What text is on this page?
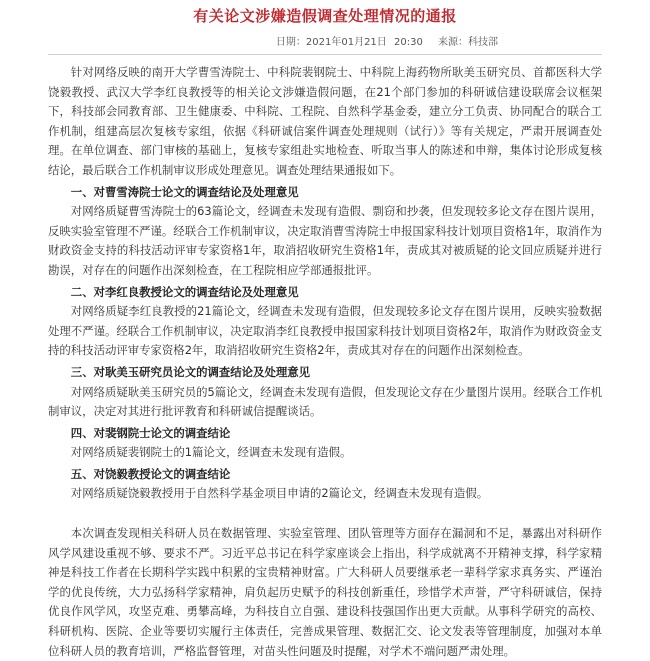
有关论文涉嫌造假调查处理情况的通报
日期：2021年01月21日 20:30 来源：科技部

针对网络反映的南开大学曹雪涛院士、中科院裴钢院士、中科院上海药物所耿美玉研究员、首都医科大学饶毅教授、武汉大学李红良教授等的相关论文涉嫌造假问题，在21个部门参加的科研诚信建设联席会议框架下，科技部会同教育部、卫生健康委、中科院、工程院、自然科学基金委，建立分工负责、协同配合的联合工作机制，组建高层次复核专家组，依据《科研诚信案件调查处理规则（试行）》等有关规定，严肃开展调查处理。在单位调查、部门审核的基础上，复核专家组赴实地检查、听取当事人的陈述和申辩，集体讨论形成复核结论，最后联合工作机制审议形成处理意见。调查处理结果通报如下。

一、对曹雪涛院士论文的调查结论及处理意见

对网络质疑曹雪涛院士的63篇论文，经调查未发现有造假、剽窃和抄袭，但发现较多论文存在图片误用，反映实验室管理不严谨。经联合工作机制审议，决定取消曹雪涛院士申报国家科技计划项目资格1年，取消作为财政资金支持的科技活动评审专家资格1年，取消招收研究生资格1年，责成其对被质疑的论文回应质疑并进行勘误，对存在的问题作出深刻检查，在工程院相应学部通报批评。

二、对李红良教授论文的调查结论及处理意见

对网络质疑李红良教授的21篇论文，经调查未发现有造假，但发现较多论文存在图片误用，反映实验数据处理不严谨。经联合工作机制审议，决定取消李红良教授申报国家科技计划项目资格2年，取消作为财政资金支持的科技活动评审专家资格2年，取消招收研究生资格2年，责成其对存在的问题作出深刻检查。

三、对耿美玉研究员论文的调查结论及处理意见

对网络质疑耿美玉研究员的5篇论文，经调查未发现有造假，但发现论文存在少量图片误用。经联合工作机制审议，决定对其进行批评教育和科研诚信提醒谈话。

四、对裴钢院士论文的调查结论

对网络质疑裴钢院士的1篇论文，经调查未发现有造假。

五、对饶毅教授论文的调查结论

对网络质疑饶毅教授用于自然科学基金项目申请的2篇论文，经调查未发现有造假。

本次调查发现相关科研人员在数据管理、实验室管理、团队管理等方面存在漏洞和不足，暴露出对科研作风学风建设重视不够、要求不严。习近平总书记在科学家座谈会上指出，科学成就离不开精神支撑，科学家精神是科技工作者在长期科学实践中积累的宝贵精神财富。广大科研人员要继承老一辈科学家求真务实、严谨治学的优良传统，大力弘扬科学家精神，肩负起历史赋予的科技创新重任，珍惜学术声誉，严守科研诚信，保持优良作风学风，攻坚克难、勇攀高峰，为科技自立自强、建设科技强国作出更大贡献。从事科学研究的高校、科研机构、医院、企业等要切实履行主体责任，完善成果管理、数据汇交、论文发表等管理制度，加强对本单位科研人员的教育培训，严格监督管理，对苗头性问题及时提醒，对学术不端问题严肃处理。
